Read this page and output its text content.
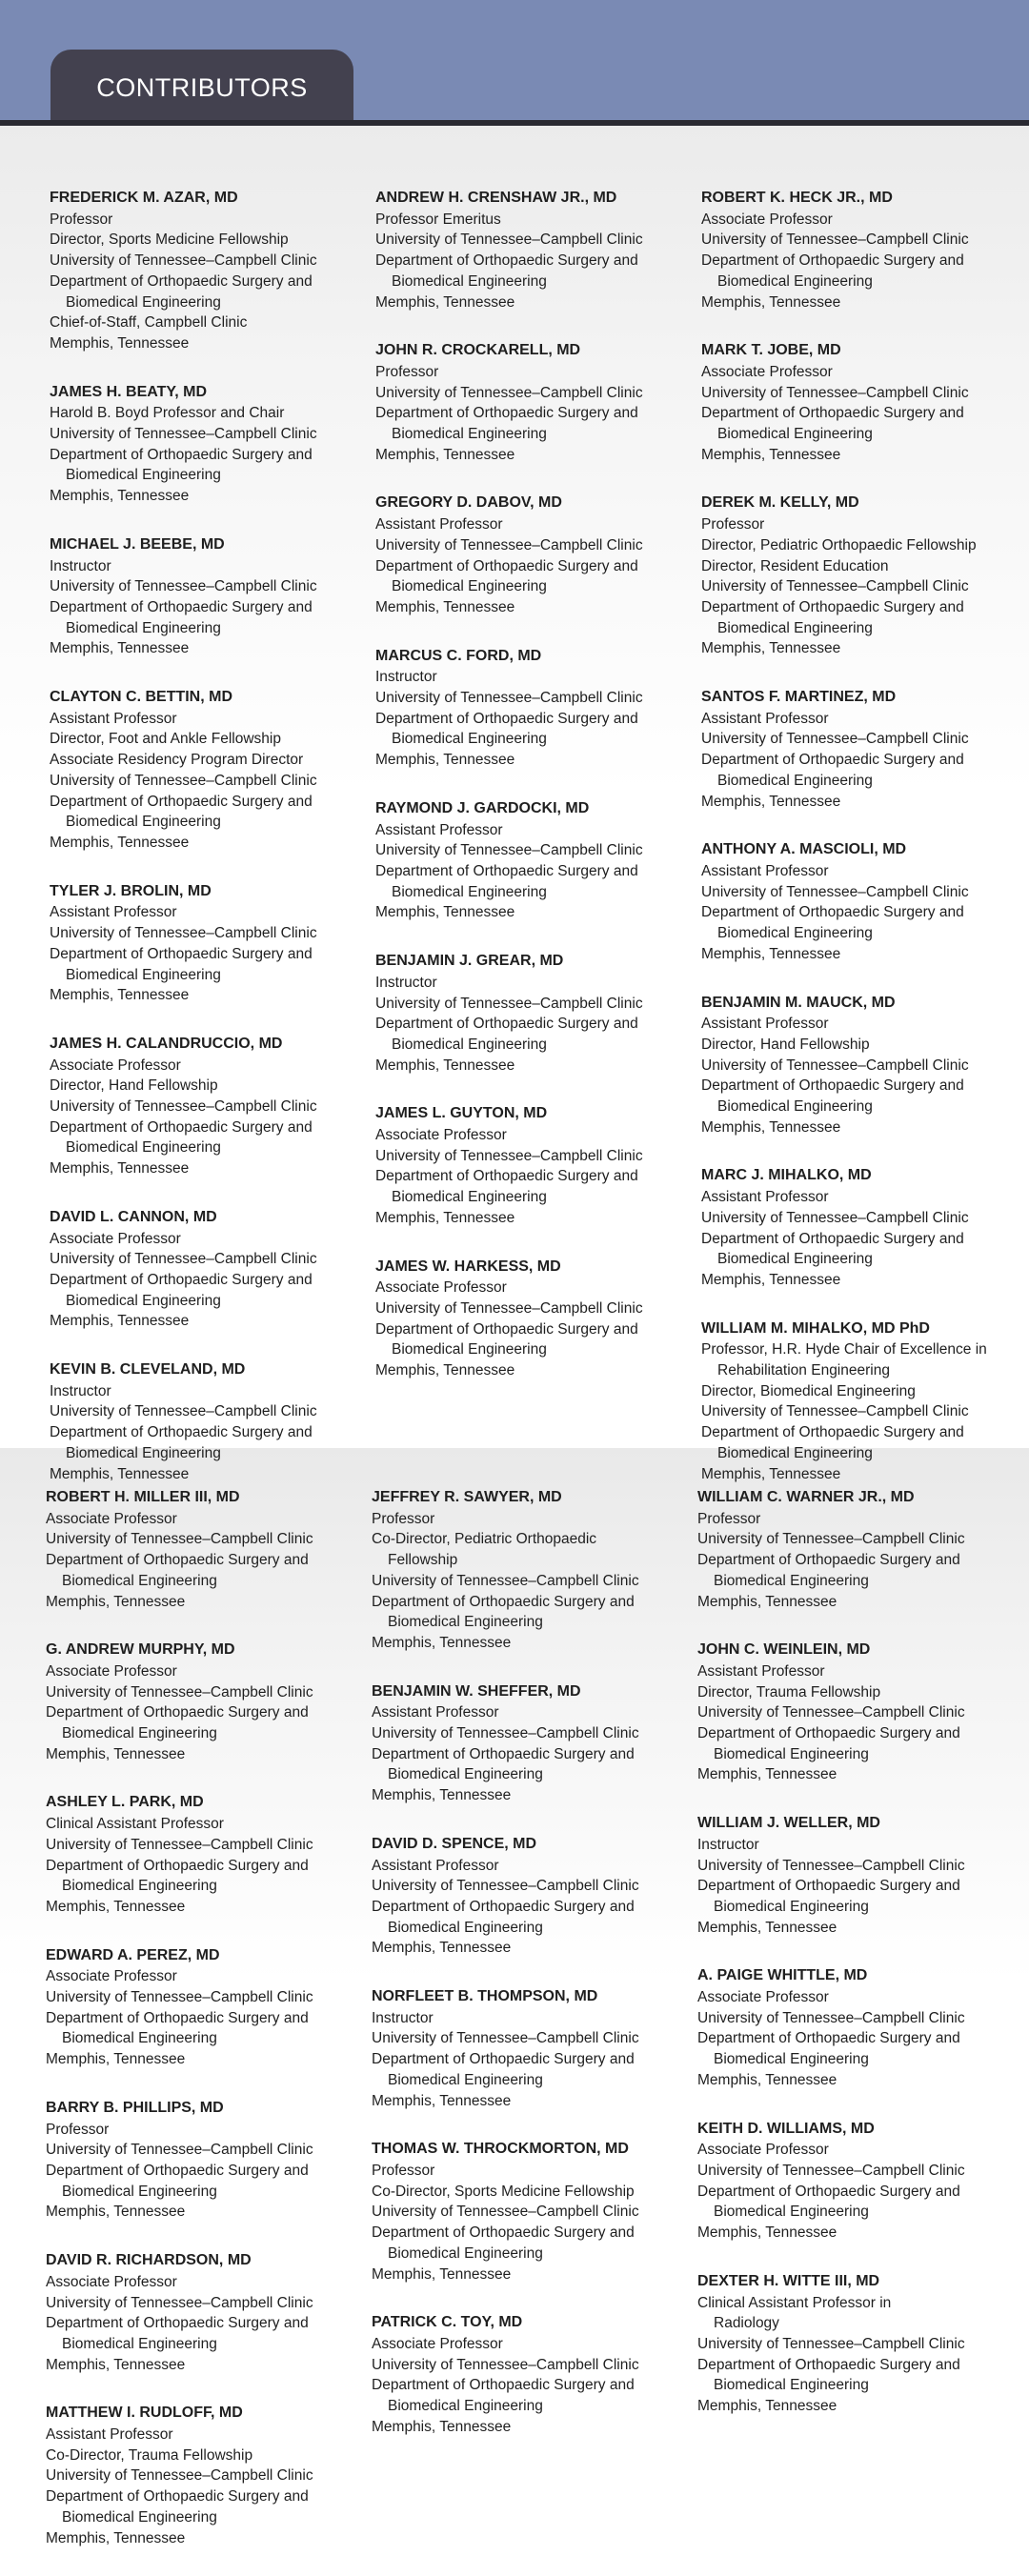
CONTRIBUTORS
FREDERICK M. AZAR, MD
Professor
Director, Sports Medicine Fellowship
University of Tennessee–Campbell Clinic
Department of Orthopaedic Surgery and
Biomedical Engineering
Chief-of-Staff, Campbell Clinic
Memphis, Tennessee
JAMES H. BEATY, MD
Harold B. Boyd Professor and Chair
University of Tennessee–Campbell Clinic
Department of Orthopaedic Surgery and
Biomedical Engineering
Memphis, Tennessee
MICHAEL J. BEEBE, MD
Instructor
University of Tennessee–Campbell Clinic
Department of Orthopaedic Surgery and
Biomedical Engineering
Memphis, Tennessee
CLAYTON C. BETTIN, MD
Assistant Professor
Director, Foot and Ankle Fellowship
Associate Residency Program Director
University of Tennessee–Campbell Clinic
Department of Orthopaedic Surgery and
Biomedical Engineering
Memphis, Tennessee
TYLER J. BROLIN, MD
Assistant Professor
University of Tennessee–Campbell Clinic
Department of Orthopaedic Surgery and
Biomedical Engineering
Memphis, Tennessee
JAMES H. CALANDRUCCIO, MD
Associate Professor
Director, Hand Fellowship
University of Tennessee–Campbell Clinic
Department of Orthopaedic Surgery and
Biomedical Engineering
Memphis, Tennessee
DAVID L. CANNON, MD
Associate Professor
University of Tennessee–Campbell Clinic
Department of Orthopaedic Surgery and
Biomedical Engineering
Memphis, Tennessee
KEVIN B. CLEVELAND, MD
Instructor
University of Tennessee–Campbell Clinic
Department of Orthopaedic Surgery and
Biomedical Engineering
Memphis, Tennessee
ANDREW H. CRENSHAW JR., MD
Professor Emeritus
University of Tennessee–Campbell Clinic
Department of Orthopaedic Surgery and
Biomedical Engineering
Memphis, Tennessee
JOHN R. CROCKARELL, MD
Professor
University of Tennessee–Campbell Clinic
Department of Orthopaedic Surgery and
Biomedical Engineering
Memphis, Tennessee
GREGORY D. DABOV, MD
Assistant Professor
University of Tennessee–Campbell Clinic
Department of Orthopaedic Surgery and
Biomedical Engineering
Memphis, Tennessee
MARCUS C. FORD, MD
Instructor
University of Tennessee–Campbell Clinic
Department of Orthopaedic Surgery and
Biomedical Engineering
Memphis, Tennessee
RAYMOND J. GARDOCKI, MD
Assistant Professor
University of Tennessee–Campbell Clinic
Department of Orthopaedic Surgery and
Biomedical Engineering
Memphis, Tennessee
BENJAMIN J. GREAR, MD
Instructor
University of Tennessee–Campbell Clinic
Department of Orthopaedic Surgery and
Biomedical Engineering
Memphis, Tennessee
JAMES L. GUYTON, MD
Associate Professor
University of Tennessee–Campbell Clinic
Department of Orthopaedic Surgery and
Biomedical Engineering
Memphis, Tennessee
JAMES W. HARKESS, MD
Associate Professor
University of Tennessee–Campbell Clinic
Department of Orthopaedic Surgery and
Biomedical Engineering
Memphis, Tennessee
ROBERT K. HECK JR., MD
Associate Professor
University of Tennessee–Campbell Clinic
Department of Orthopaedic Surgery and
Biomedical Engineering
Memphis, Tennessee
MARK T. JOBE, MD
Associate Professor
University of Tennessee–Campbell Clinic
Department of Orthopaedic Surgery and
Biomedical Engineering
Memphis, Tennessee
DEREK M. KELLY, MD
Professor
Director, Pediatric Orthopaedic Fellowship
Director, Resident Education
University of Tennessee–Campbell Clinic
Department of Orthopaedic Surgery and
Biomedical Engineering
Memphis, Tennessee
SANTOS F. MARTINEZ, MD
Assistant Professor
University of Tennessee–Campbell Clinic
Department of Orthopaedic Surgery and
Biomedical Engineering
Memphis, Tennessee
ANTHONY A. MASCIOLI, MD
Assistant Professor
University of Tennessee–Campbell Clinic
Department of Orthopaedic Surgery and
Biomedical Engineering
Memphis, Tennessee
BENJAMIN M. MAUCK, MD
Assistant Professor
Director, Hand Fellowship
University of Tennessee–Campbell Clinic
Department of Orthopaedic Surgery and
Biomedical Engineering
Memphis, Tennessee
MARC J. MIHALKO, MD
Assistant Professor
University of Tennessee–Campbell Clinic
Department of Orthopaedic Surgery and
Biomedical Engineering
Memphis, Tennessee
WILLIAM M. MIHALKO, MD PhD
Professor, H.R. Hyde Chair of Excellence in
Rehabilitation Engineering
Director, Biomedical Engineering
University of Tennessee–Campbell Clinic
Department of Orthopaedic Surgery and
Biomedical Engineering
Memphis, Tennessee
ROBERT H. MILLER III, MD
Associate Professor
University of Tennessee–Campbell Clinic
Department of Orthopaedic Surgery and
Biomedical Engineering
Memphis, Tennessee
G. ANDREW MURPHY, MD
Associate Professor
University of Tennessee–Campbell Clinic
Department of Orthopaedic Surgery and
Biomedical Engineering
Memphis, Tennessee
ASHLEY L. PARK, MD
Clinical Assistant Professor
University of Tennessee–Campbell Clinic
Department of Orthopaedic Surgery and
Biomedical Engineering
Memphis, Tennessee
EDWARD A. PEREZ, MD
Associate Professor
University of Tennessee–Campbell Clinic
Department of Orthopaedic Surgery and
Biomedical Engineering
Memphis, Tennessee
BARRY B. PHILLIPS, MD
Professor
University of Tennessee–Campbell Clinic
Department of Orthopaedic Surgery and
Biomedical Engineering
Memphis, Tennessee
DAVID R. RICHARDSON, MD
Associate Professor
University of Tennessee–Campbell Clinic
Department of Orthopaedic Surgery and
Biomedical Engineering
Memphis, Tennessee
MATTHEW I. RUDLOFF, MD
Assistant Professor
Co-Director, Trauma Fellowship
University of Tennessee–Campbell Clinic
Department of Orthopaedic Surgery and
Biomedical Engineering
Memphis, Tennessee
JEFFREY R. SAWYER, MD
Professor
Co-Director, Pediatric Orthopaedic
Fellowship
University of Tennessee–Campbell Clinic
Department of Orthopaedic Surgery and
Biomedical Engineering
Memphis, Tennessee
BENJAMIN W. SHEFFER, MD
Assistant Professor
University of Tennessee–Campbell Clinic
Department of Orthopaedic Surgery and
Biomedical Engineering
Memphis, Tennessee
DAVID D. SPENCE, MD
Assistant Professor
University of Tennessee–Campbell Clinic
Department of Orthopaedic Surgery and
Biomedical Engineering
Memphis, Tennessee
NORFLEET B. THOMPSON, MD
Instructor
University of Tennessee–Campbell Clinic
Department of Orthopaedic Surgery and
Biomedical Engineering
Memphis, Tennessee
THOMAS W. THROCKMORTON, MD
Professor
Co-Director, Sports Medicine Fellowship
University of Tennessee–Campbell Clinic
Department of Orthopaedic Surgery and
Biomedical Engineering
Memphis, Tennessee
PATRICK C. TOY, MD
Associate Professor
University of Tennessee–Campbell Clinic
Department of Orthopaedic Surgery and
Biomedical Engineering
Memphis, Tennessee
WILLIAM C. WARNER JR., MD
Professor
University of Tennessee–Campbell Clinic
Department of Orthopaedic Surgery and
Biomedical Engineering
Memphis, Tennessee
JOHN C. WEINLEIN, MD
Assistant Professor
Director, Trauma Fellowship
University of Tennessee–Campbell Clinic
Department of Orthopaedic Surgery and
Biomedical Engineering
Memphis, Tennessee
WILLIAM J. WELLER, MD
Instructor
University of Tennessee–Campbell Clinic
Department of Orthopaedic Surgery and
Biomedical Engineering
Memphis, Tennessee
A. PAIGE WHITTLE, MD
Associate Professor
University of Tennessee–Campbell Clinic
Department of Orthopaedic Surgery and
Biomedical Engineering
Memphis, Tennessee
KEITH D. WILLIAMS, MD
Associate Professor
University of Tennessee–Campbell Clinic
Department of Orthopaedic Surgery and
Biomedical Engineering
Memphis, Tennessee
DEXTER H. WITTE III, MD
Clinical Assistant Professor in
Radiology
University of Tennessee–Campbell Clinic
Department of Orthopaedic Surgery and
Biomedical Engineering
Memphis, Tennessee
